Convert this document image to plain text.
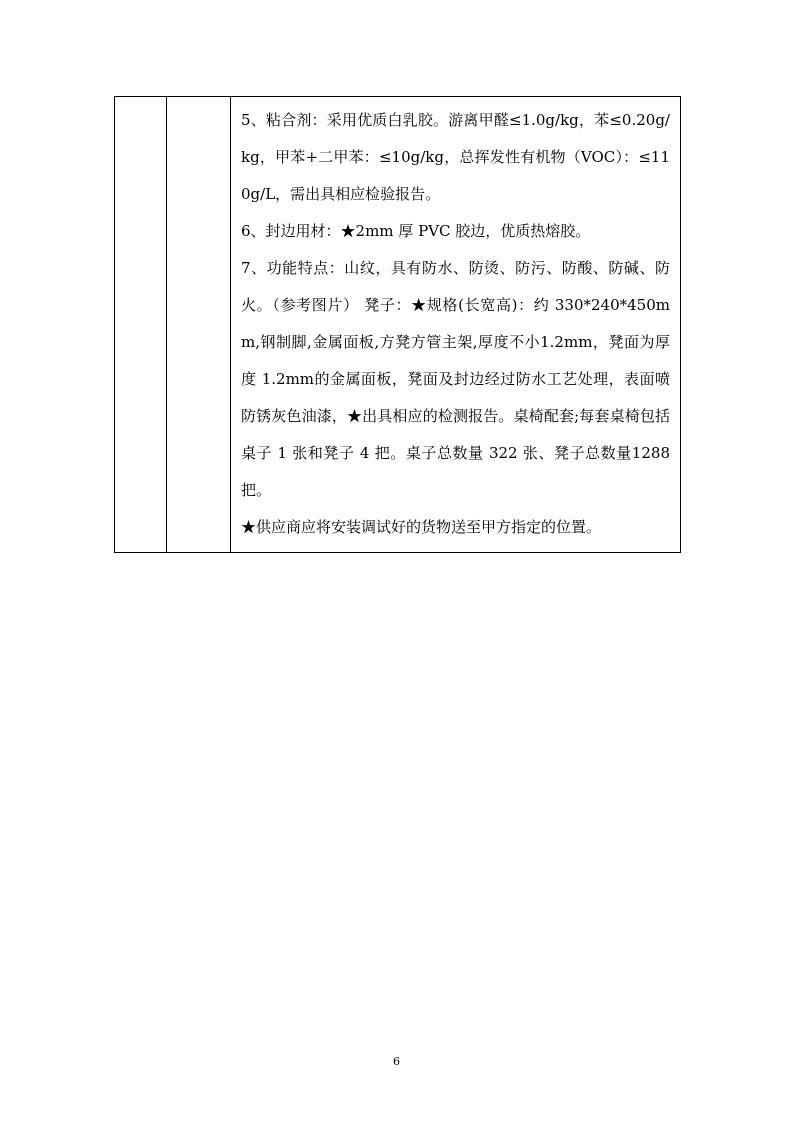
5、粘合剂：采用优质白乳胶。游离甲醛≤1.0g/kg，苯≤0.20g/kg，甲苯+二甲苯：≤10g/kg，总挥发性有机物（VOC）：≤110g/L，需出具相应检验报告。

6、封边用材：★2mm 厚 PVC 胶边，优质热熔胶。

7、功能特点：山纹，具有防水、防烫、防污、防酸、防碱、防火。（参考图片） 凳子：★规格(长宽高)：约 330*240*450mm,钢制脚,金属面板,方凳方管主架,厚度不小1.2mm，凳面为厚度 1.2mm的金属面板，凳面及封边经过防水工艺处理，表面喷防锈灰色油漆，★出具相应的检测报告。桌椅配套;每套桌椅包括桌子 1 张和凳子 4 把。桌子总数量 322 张、凳子总数量1288 把。

★供应商应将安装调试好的货物送至甲方指定的位置。

6
